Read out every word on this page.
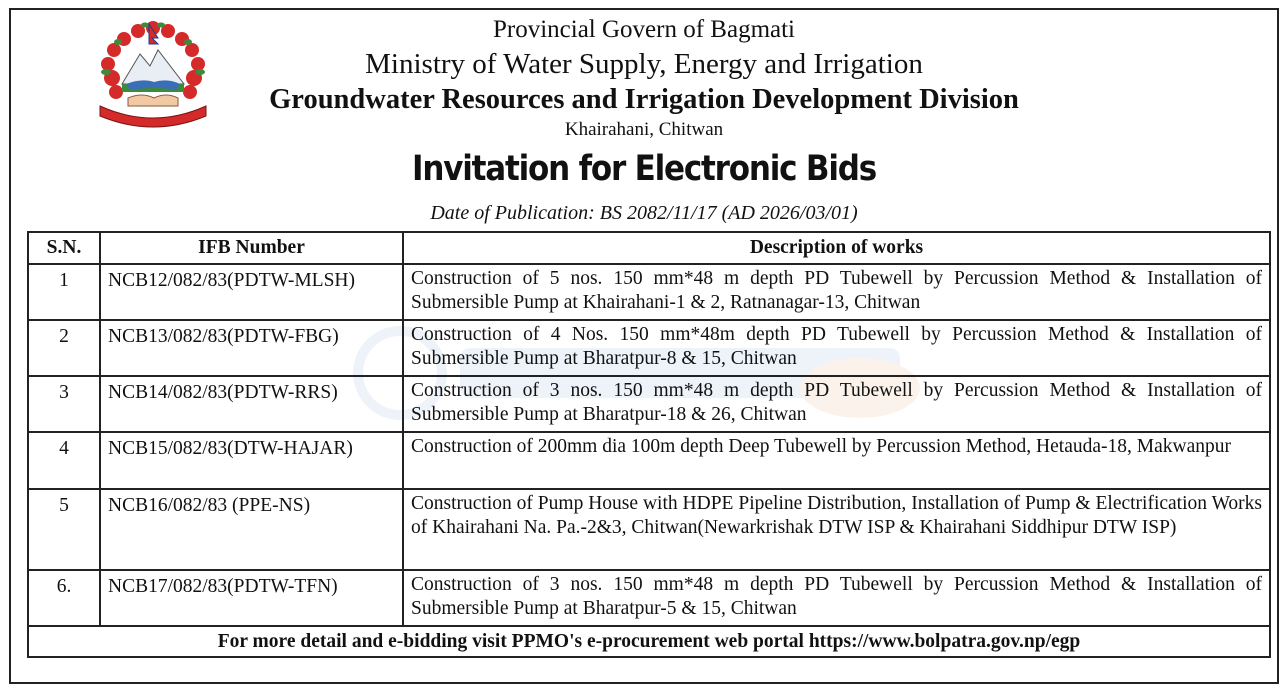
Provincial Govern of Bagmati
Ministry of Water Supply, Energy and Irrigation
Groundwater Resources and Irrigation Development Division
Khairahani, Chitwan
Invitation for Electronic Bids
Date of Publication: BS 2082/11/17 (AD 2026/03/01)
S.N.	IFB Number	Description of works
1	NCB12/082/83(PDTW-MLSH)	Construction of 5 nos. 150 mm*48 m depth PD Tubewell by Percussion Method & Installation of Submersible Pump at Khairahani-1 & 2, Ratnanagar-13, Chitwan
2	NCB13/082/83(PDTW-FBG)	Construction of 4 Nos. 150 mm*48m depth PD Tubewell by Percussion Method & Installation of Submersible Pump at Bharatpur-8 & 15, Chitwan
3	NCB14/082/83(PDTW-RRS)	Construction of 3 nos. 150 mm*48 m depth PD Tubewell by Percussion Method & Installation of Submersible Pump at Bharatpur-18 & 26, Chitwan
4	NCB15/082/83(DTW-HAJAR)	Construction of 200mm dia 100m depth Deep Tubewell by Percussion Method, Hetauda-18, Makwanpur
5	NCB16/082/83 (PPE-NS)	Construction of Pump House with HDPE Pipeline Distribution, Installation of Pump & Electrification Works of Khairahani Na. Pa.-2&3, Chitwan(Newarkrishak DTW ISP & Khairahani Siddhipur DTW ISP)
6.	NCB17/082/83(PDTW-TFN)	Construction of 3 nos. 150 mm*48 m depth PD Tubewell by Percussion Method & Installation of Submersible Pump at Bharatpur-5 & 15, Chitwan
For more detail and e-bidding visit PPMO's e-procurement web portal https://www.bolpatra.gov.np/egp		
